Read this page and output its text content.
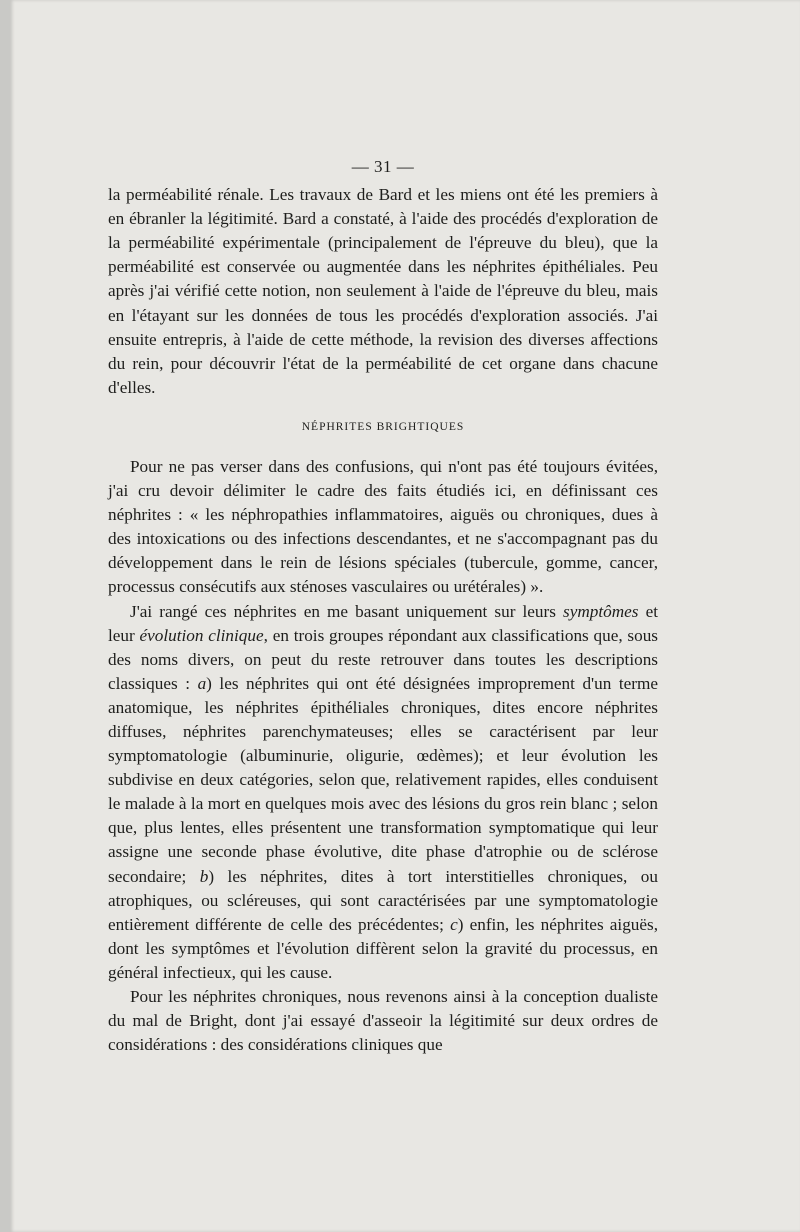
— 31 —

la perméabilité rénale. Les travaux de Bard et les miens ont été les premiers à en ébranler la légitimité. Bard a constaté, à l'aide des procédés d'exploration de la perméabilité expérimentale (principalement de l'épreuve du bleu), que la perméabilité est conservée ou augmentée dans les néphrites épithéliales. Peu après j'ai vérifié cette notion, non seulement à l'aide de l'épreuve du bleu, mais en l'étayant sur les données de tous les procédés d'exploration associés. J'ai ensuite entrepris, à l'aide de cette méthode, la revision des diverses affections du rein, pour découvrir l'état de la perméabilité de cet organe dans chacune d'elles.

NÉPHRITES BRIGHTIQUES

Pour ne pas verser dans des confusions, qui n'ont pas été toujours évitées, j'ai cru devoir délimiter le cadre des faits étudiés ici, en définissant ces néphrites : « les néphropathies inflammatoires, aiguës ou chroniques, dues à des intoxications ou des infections descendantes, et ne s'accompagnant pas du développement dans le rein de lésions spéciales (tubercule, gomme, cancer, processus consécutifs aux sténoses vasculaires ou urétérales) ».

J'ai rangé ces néphrites en me basant uniquement sur leurs symptômes et leur évolution clinique, en trois groupes répondant aux classifications que, sous des noms divers, on peut du reste retrouver dans toutes les descriptions classiques : a) les néphrites qui ont été désignées improprement d'un terme anatomique, les néphrites épithéliales chroniques, dites encore néphrites diffuses, néphrites parenchymateuses; elles se caractérisent par leur symptomatologie (albuminurie, oligurie, œdèmes); et leur évolution les subdivise en deux catégories, selon que, relativement rapides, elles conduisent le malade à la mort en quelques mois avec des lésions du gros rein blanc ; selon que, plus lentes, elles présentent une transformation symptomatique qui leur assigne une seconde phase évolutive, dite phase d'atrophie ou de sclérose secondaire; b) les néphrites, dites à tort interstitielles chroniques, ou atrophiques, ou scléreuses, qui sont caractérisées par une symptomatologie entièrement différente de celle des précédentes; c) enfin, les néphrites aiguës, dont les symptômes et l'évolution diffèrent selon la gravité du processus, en général infectieux, qui les cause.

Pour les néphrites chroniques, nous revenons ainsi à la conception dualiste du mal de Bright, dont j'ai essayé d'asseoir la légitimité sur deux ordres de considérations : des considérations cliniques que
